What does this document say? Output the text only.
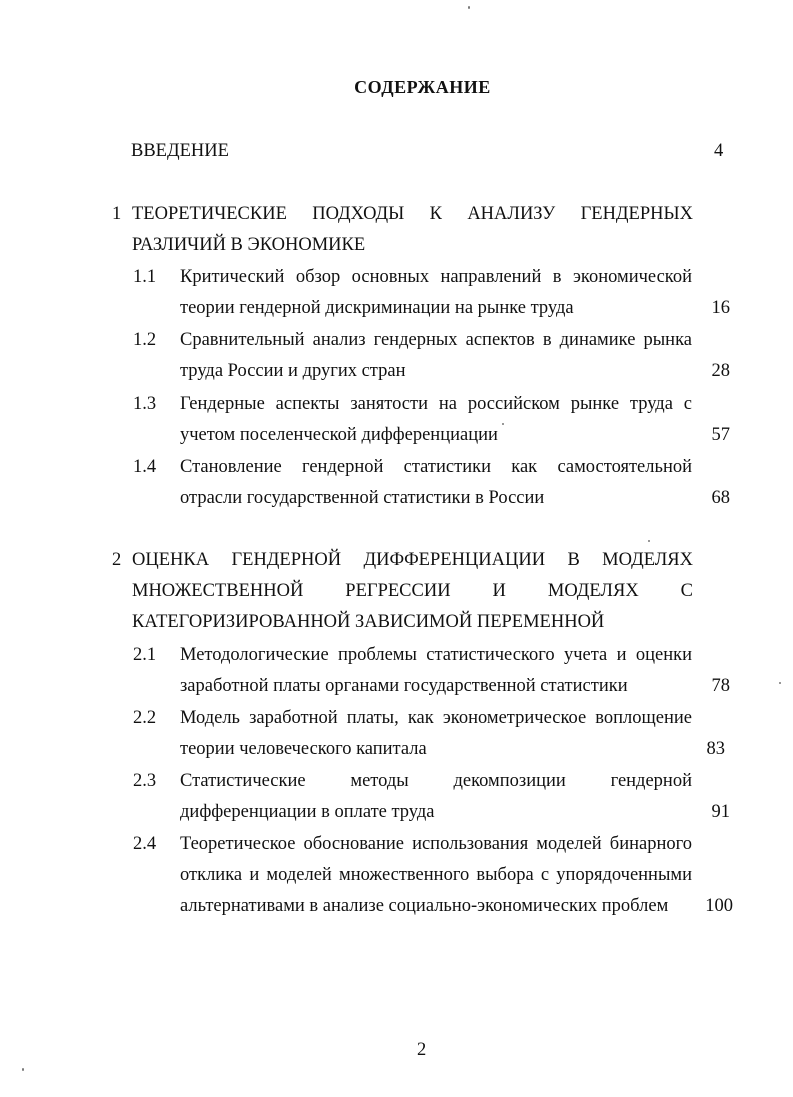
СОДЕРЖАНИЕ
ВВЕДЕНИЕ	4
1 ТЕОРЕТИЧЕСКИЕ ПОДХОДЫ К АНАЛИЗУ ГЕНДЕРНЫХ
РАЗЛИЧИЙ В ЭКОНОМИКЕ
1.1 Критический обзор основных направлений в экономической
теории гендерной дискриминации на рынке труда	16
1.2 Сравнительный анализ гендерных аспектов в динамике рынка
труда России и других стран	28
1.3 Гендерные аспекты занятости на российском рынке труда с
учетом поселенческой дифференциации	57
1.4 Становление гендерной статистики как самостоятельной
отрасли государственной статистики в России	68
2 ОЦЕНКА ГЕНДЕРНОЙ ДИФФЕРЕНЦИАЦИИ В МОДЕЛЯХ
МНОЖЕСТВЕННОЙ РЕГРЕССИИ И МОДЕЛЯХ С
КАТЕГОРИЗИРОВАННОЙ ЗАВИСИМОЙ ПЕРЕМЕННОЙ
2.1 Методологические проблемы статистического учета и оценки
заработной платы органами государственной статистики	78
2.2 Модель заработной платы, как эконометрическое воплощение
теории человеческого капитала	83
2.3 Статистические методы декомпозиции гендерной
дифференциации в оплате труда	91
2.4 Теоретическое обоснование использования моделей бинарного
отклика и моделей множественного выбора с упорядоченными
альтернативами в анализе социально-экономических проблем	100
2
